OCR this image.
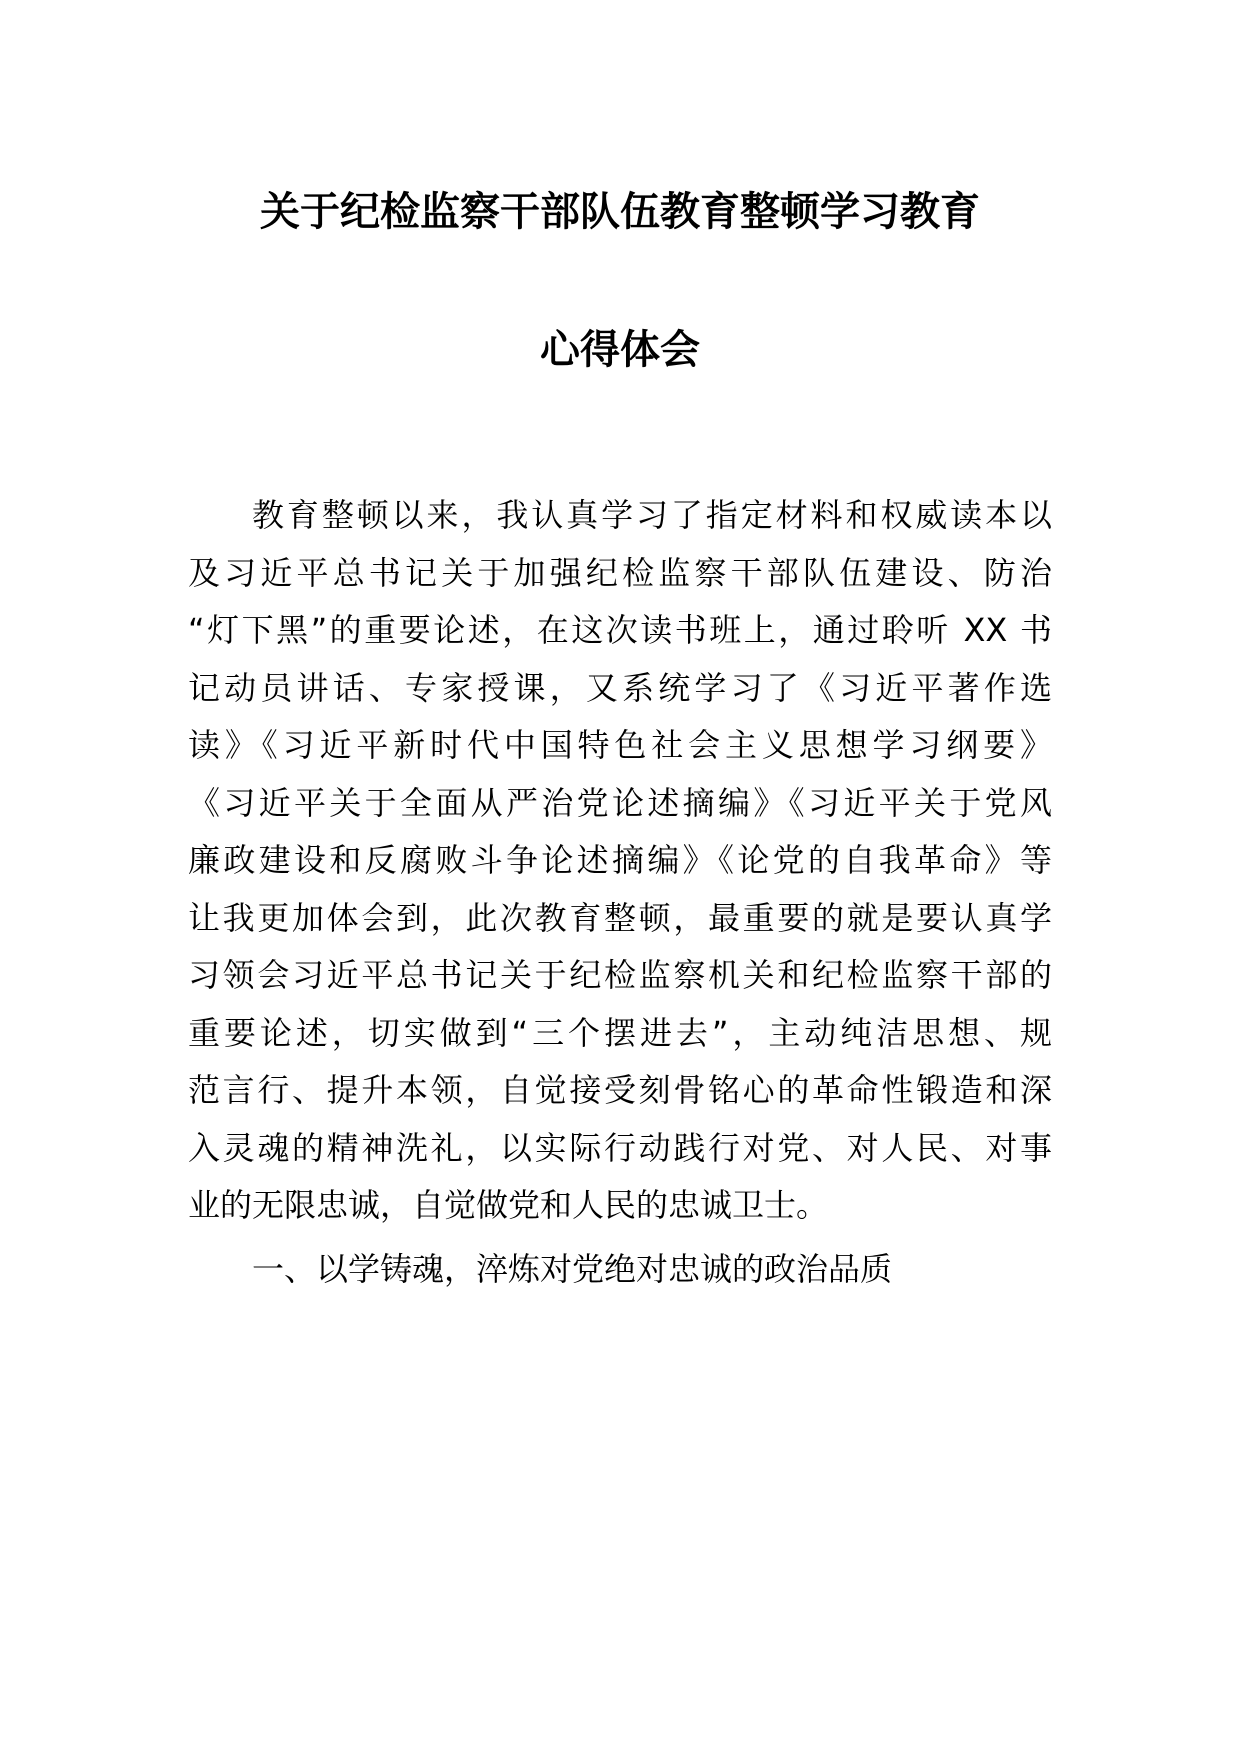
关于纪检监察干部队伍教育整顿学习教育
心得体会
教育整顿以来，我认真学习了指定材料和权威读本以
及习近平总书记关于加强纪检监察干部队伍建设、防治
“灯下黑”的重要论述，在这次读书班上，通过聆听 XX 书
记动员讲话、专家授课，又系统学习了《习近平著作选
读》《习近平新时代中国特色社会主义思想学习纲要》
《习近平关于全面从严治党论述摘编》《习近平关于党风
廉政建设和反腐败斗争论述摘编》《论党的自我革命》等
让我更加体会到，此次教育整顿，最重要的就是要认真学
习领会习近平总书记关于纪检监察机关和纪检监察干部的
重要论述，切实做到“三个摆进去”，主动纯洁思想、规
范言行、提升本领，自觉接受刻骨铭心的革命性锻造和深
入灵魂的精神洗礼，以实际行动践行对党、对人民、对事
业的无限忠诚，自觉做党和人民的忠诚卫士。
一、以学铸魂，淬炼对党绝对忠诚的政治品质
